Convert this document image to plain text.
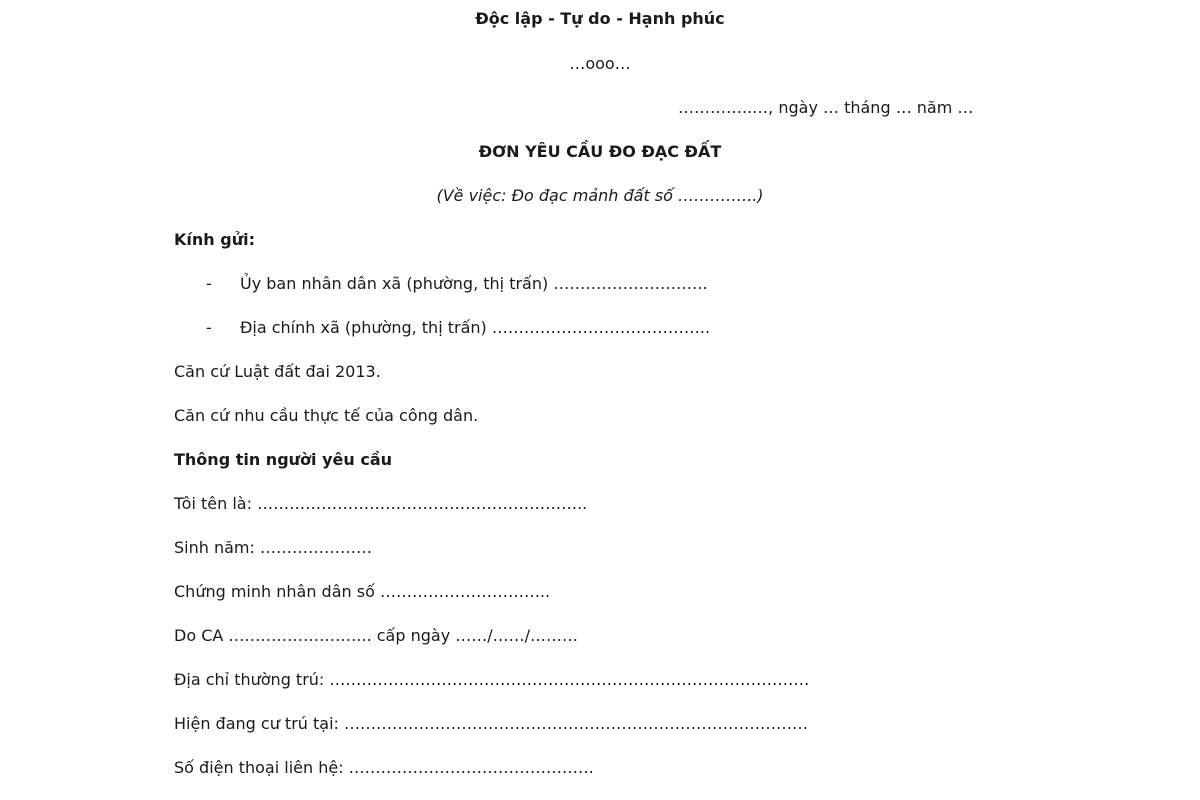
Độc lập - Tự do - Hạnh phúc
…ooo…
…………..…, ngày … tháng … năm …
ĐƠN YÊU CẦU ĐO ĐẠC ĐẤT
(Về việc: Đo đạc mảnh đất số …………...)
Kính gửi:
- Ủy ban nhân dân xã (phường, thị trấn) ………………………..
- Địa chính xã (phường, thị trấn) …………………………………..
Căn cứ Luật đất đai 2013.
Căn cứ nhu cầu thực tế của công dân.
Thông tin người yêu cầu
Tôi tên là: ……………………………………………………..
Sinh năm: …………………
Chứng minh nhân dân số …………………………..
Do CA ……………………... cấp ngày ……/……/………
Địa chỉ thường trú: ………………………………………………………………………………
Hiện đang cư trú tại: ……………………………………………………………………………
Số điện thoại liên hệ: ……………………………………….
